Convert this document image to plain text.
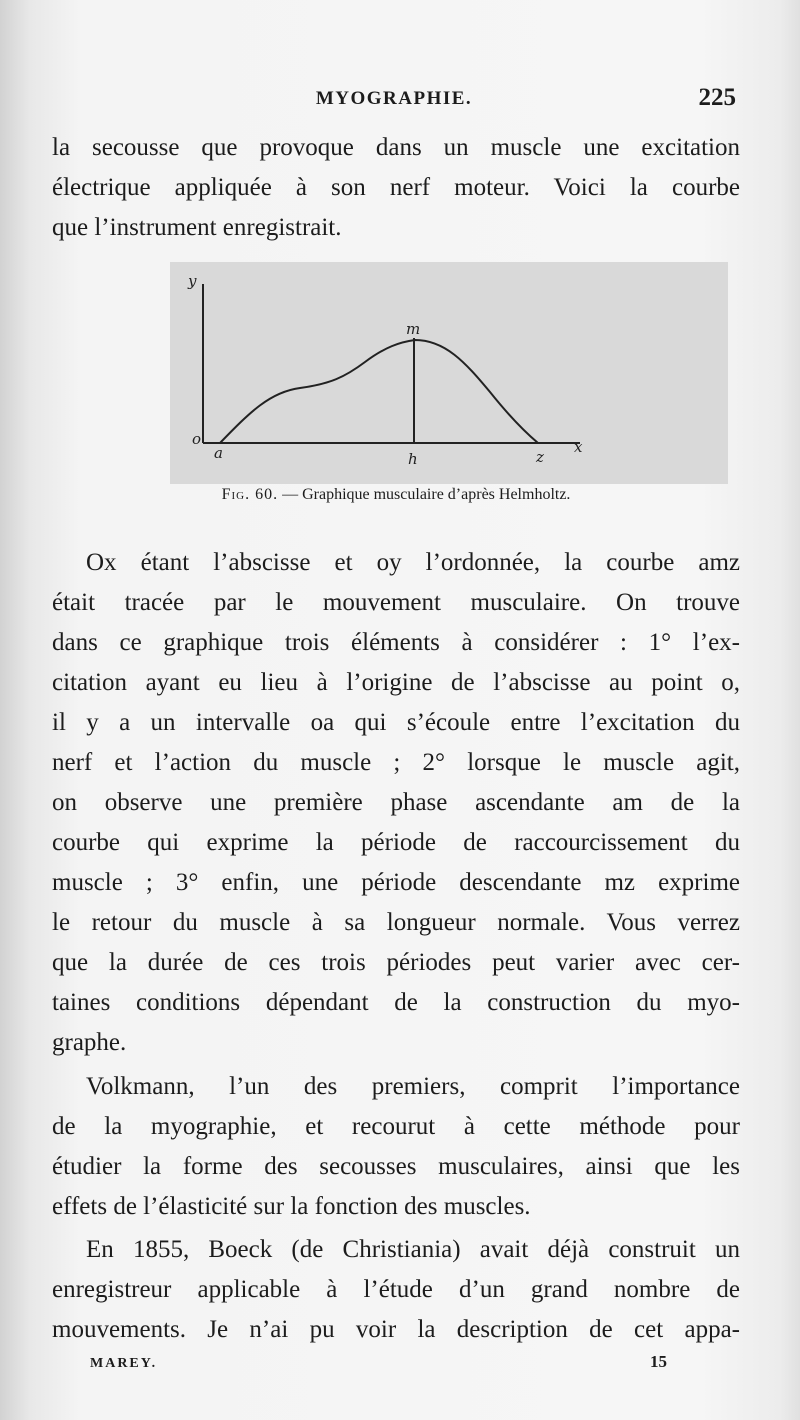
MYOGRAPHIE.	225
la secousse que provoque dans un muscle une excitation
électrique appliquée à son nerf moteur. Voici la courbe
que l’instrument enregistrait.
y
o
a
m
h	z
x
Fig. 60. — Graphique musculaire d’après Helmholtz.
Ox étant l’abscisse et oy l’ordonnée, la courbe amz
était tracée par le mouvement musculaire. On trouve
dans ce graphique trois éléments à considérer : 1° l’ex-
citation ayant eu lieu à l’origine de l’abscisse au point o,
il y a un intervalle oa qui s’écoule entre l’excitation du
nerf et l’action du muscle ; 2° lorsque le muscle agit,
on observe une première phase ascendante am de la
courbe qui exprime la période de raccourcissement du
muscle ; 3° enfin, une période descendante mz exprime
le retour du muscle à sa longueur normale. Vous verrez
que la durée de ces trois périodes peut varier avec cer-
taines conditions dépendant de la construction du myo-
graphe.
Volkmann, l’un des premiers, comprit l’importance
de la myographie, et recourut à cette méthode pour
étudier la forme des secousses musculaires, ainsi que les
effets de l’élasticité sur la fonction des muscles.
En 1855, Boeck (de Christiania) avait déjà construit un
enregistreur applicable à l’étude d’un grand nombre de
mouvements. Je n’ai pu voir la description de cet appa-
MAREY.	15
